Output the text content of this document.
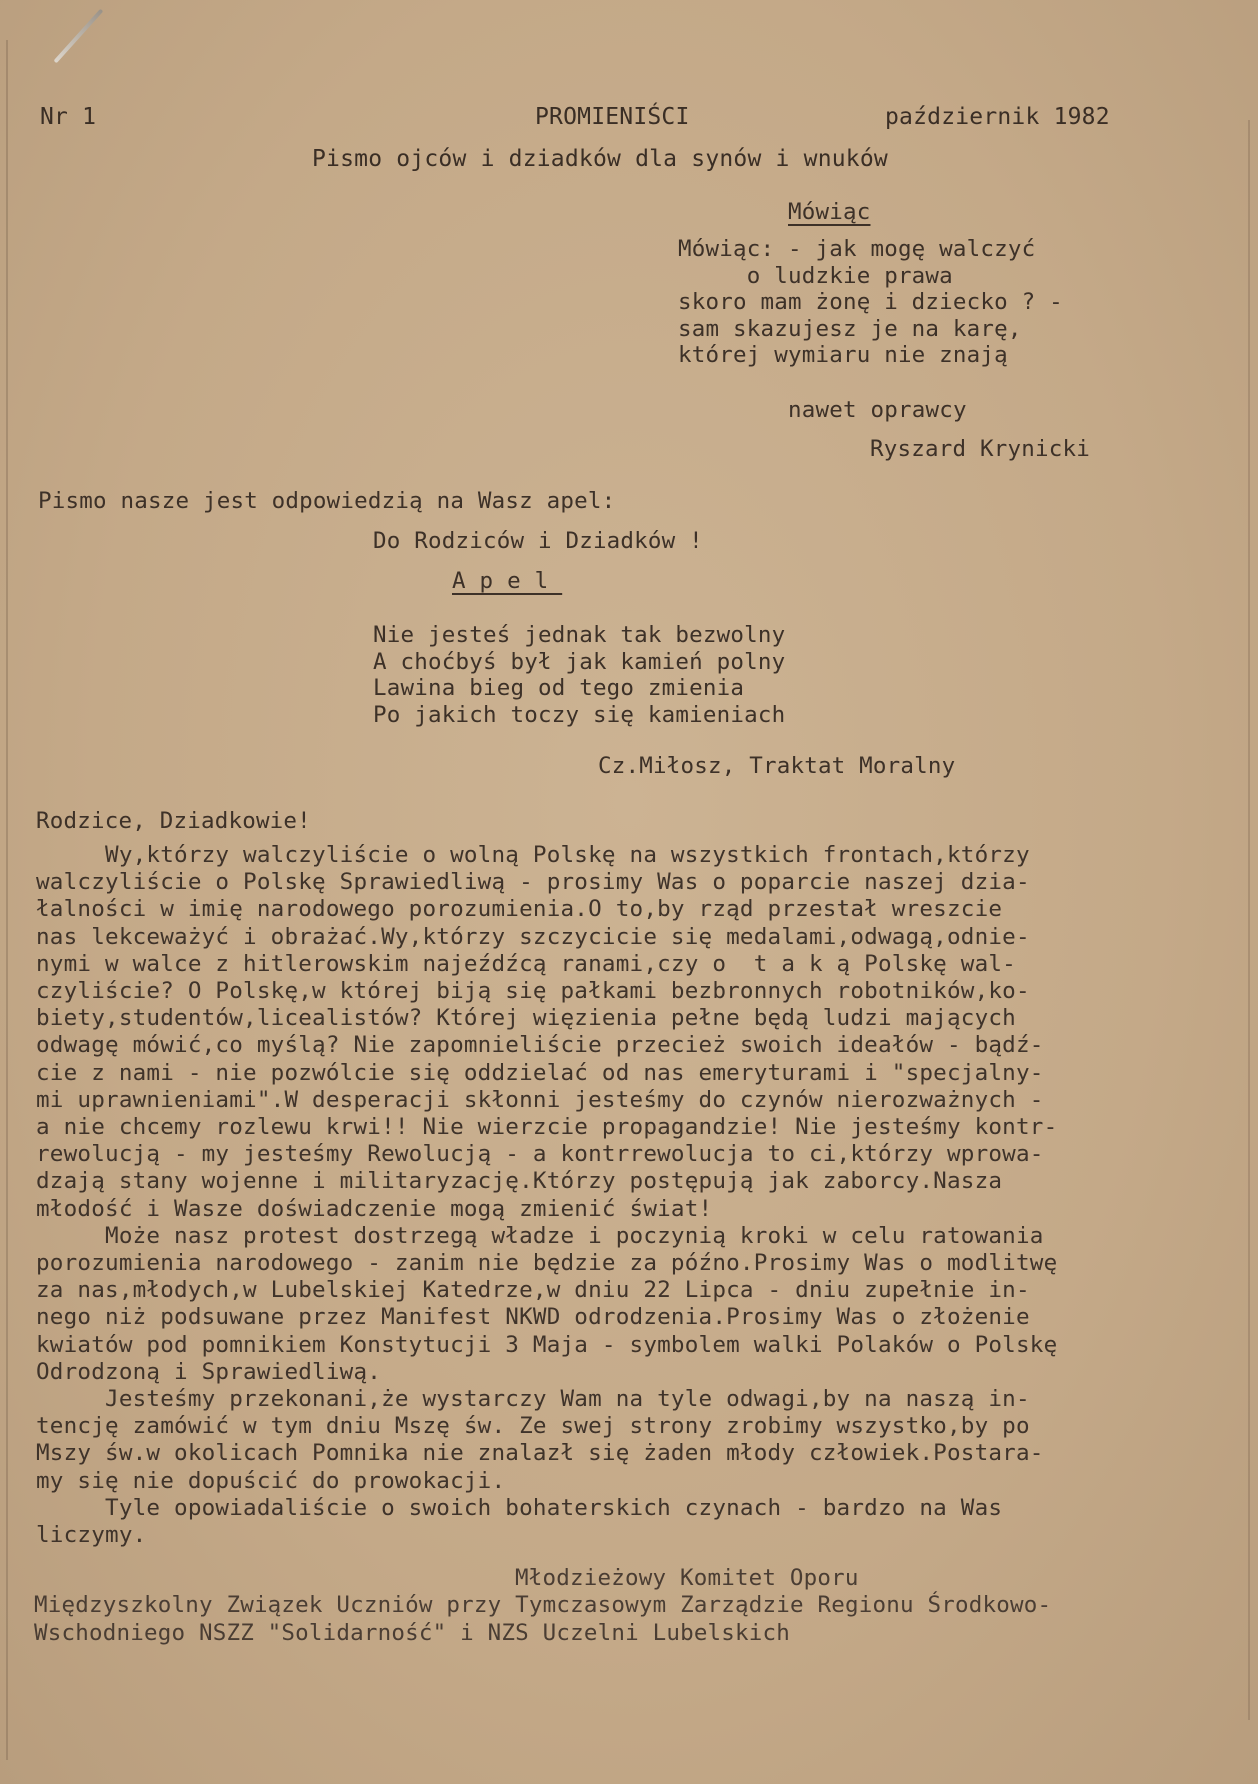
Nr 1	PROMIENIŚCI	październik 1982
Pismo ojców i dziadków dla synów i wnuków
Mówiąc
Mówiąc: - jak mogę walczyć
o ludzkie prawa
skoro mam żonę i dziecko ? -
sam skazujesz je na karę,
której wymiaru nie znają
nawet oprawcy
Ryszard Krynicki
Pismo nasze jest odpowiedzią na Wasz apel:
Do Rodziców i Dziadków !
Apel
Nie jesteś jednak tak bezwolny
A choćbyś był jak kamień polny
Lawina bieg od tego zmienia
Po jakich toczy się kamieniach
Cz.Miłosz, Traktat Moralny
Rodzice, Dziadkowie!
Wy,którzy walczyliście o wolną Polskę na wszystkich frontach,którzy
walczyliście o Polskę Sprawiedliwą - prosimy Was o poparcie naszej dzia-
łalności w imię narodowego porozumienia.O to,by rząd przestał wreszcie
nas lekceważyć i obrażać.Wy,którzy szczycicie się medalami,odwagą,odnie-
nymi w walce z hitlerowskim najeźdźcą ranami,czy o  t a k ą Polskę wal-
czyliście? O Polskę,w której biją się pałkami bezbronnych robotników,ko-
biety,studentów,licealistów? Której więzienia pełne będą ludzi mających
odwagę mówić,co myślą? Nie zapomnieliście przecież swoich ideałów - bądź-
cie z nami - nie pozwólcie się oddzielać od nas emeryturami i "specjalny-
mi uprawnieniami".W desperacji skłonni jesteśmy do czynów nierozważnych -
a nie chcemy rozlewu krwi!! Nie wierzcie propagandzie! Nie jesteśmy kontr-
rewolucją - my jesteśmy Rewolucją - a kontrrewolucja to ci,którzy wprowa-
dzają stany wojenne i militaryzację.Którzy postępują jak zaborcy.Nasza
młodość i Wasze doświadczenie mogą zmienić świat!
Może nasz protest dostrzegą władze i poczynią kroki w celu ratowania
porozumienia narodowego - zanim nie będzie za późno.Prosimy Was o modlitwę
za nas,młodych,w Lubelskiej Katedrze,w dniu 22 Lipca - dniu zupełnie in-
nego niż podsuwane przez Manifest NKWD odrodzenia.Prosimy Was o złożenie
kwiatów pod pomnikiem Konstytucji 3 Maja - symbolem walki Polaków o Polskę
Odrodzoną i Sprawiedliwą.
Jesteśmy przekonani,że wystarczy Wam na tyle odwagi,by na naszą in-
tencję zamówić w tym dniu Mszę św. Ze swej strony zrobimy wszystko,by po
Mszy św.w okolicach Pomnika nie znalazł się żaden młody człowiek.Postara-
my się nie dopuścić do prowokacji.
Tyle opowiadaliście o swoich bohaterskich czynach - bardzo na Was
liczymy.
Młodzieżowy Komitet Oporu
Międzyszkolny Związek Uczniów przy Tymczasowym Zarządzie Regionu Środkowo-
Wschodniego NSZZ "Solidarność" i NZS Uczelni Lubelskich
